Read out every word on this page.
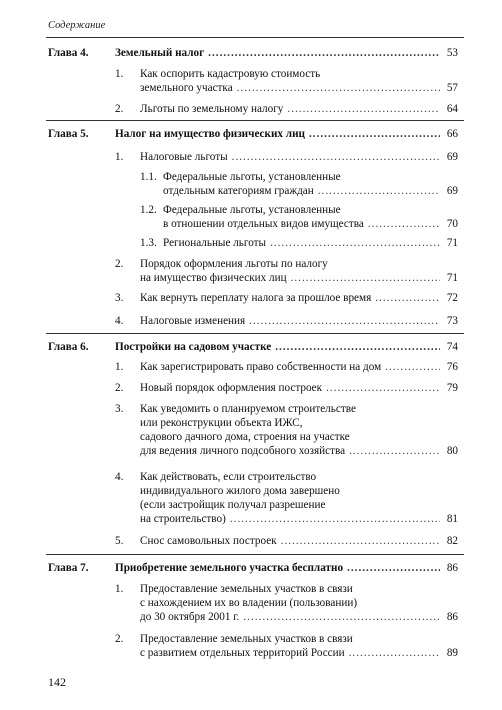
Содержание
Глава 4. Земельный налог .....	53
1. Как оспорить кадастровую стоимость
земельного участка .....	57
2. Льготы по земельному налогу .....	64
Глава 5. Налог на имущество физических лиц .....	66
1. Налоговые льготы .....	69
1.1. Федеральные льготы, установленные
отдельным категориям граждан .....	69
1.2. Федеральные льготы, установленные
в отношении отдельных видов имущества .....	70
1.3. Региональные льготы .....	71
2. Порядок оформления льготы по налогу
на имущество физических лиц .....	71
3. Как вернуть переплату налога за прошлое время .....	72
4. Налоговые изменения .....	73
Глава 6. Постройки на садовом участке .....	74
1. Как зарегистрировать право собственности на дом .....	76
2. Новый порядок оформления построек .....	79
3. Как уведомить о планируемом строительстве
или реконструкции объекта ИЖС,
садового дачного дома, строения на участке
для ведения личного подсобного хозяйства .....	80
4. Как действовать, если строительство
индивидуального жилого дома завершено
(если застройщик получал разрешение
на строительство) .....	81
5. Снос самовольных построек .....	82
Глава 7. Приобретение земельного участка бесплатно .....	86
1. Предоставление земельных участков в связи
с нахождением их во владении (пользовании)
до 30 октября 2001 г. .....	86
2. Предоставление земельных участков в связи
с развитием отдельных территорий России .....	89
142
